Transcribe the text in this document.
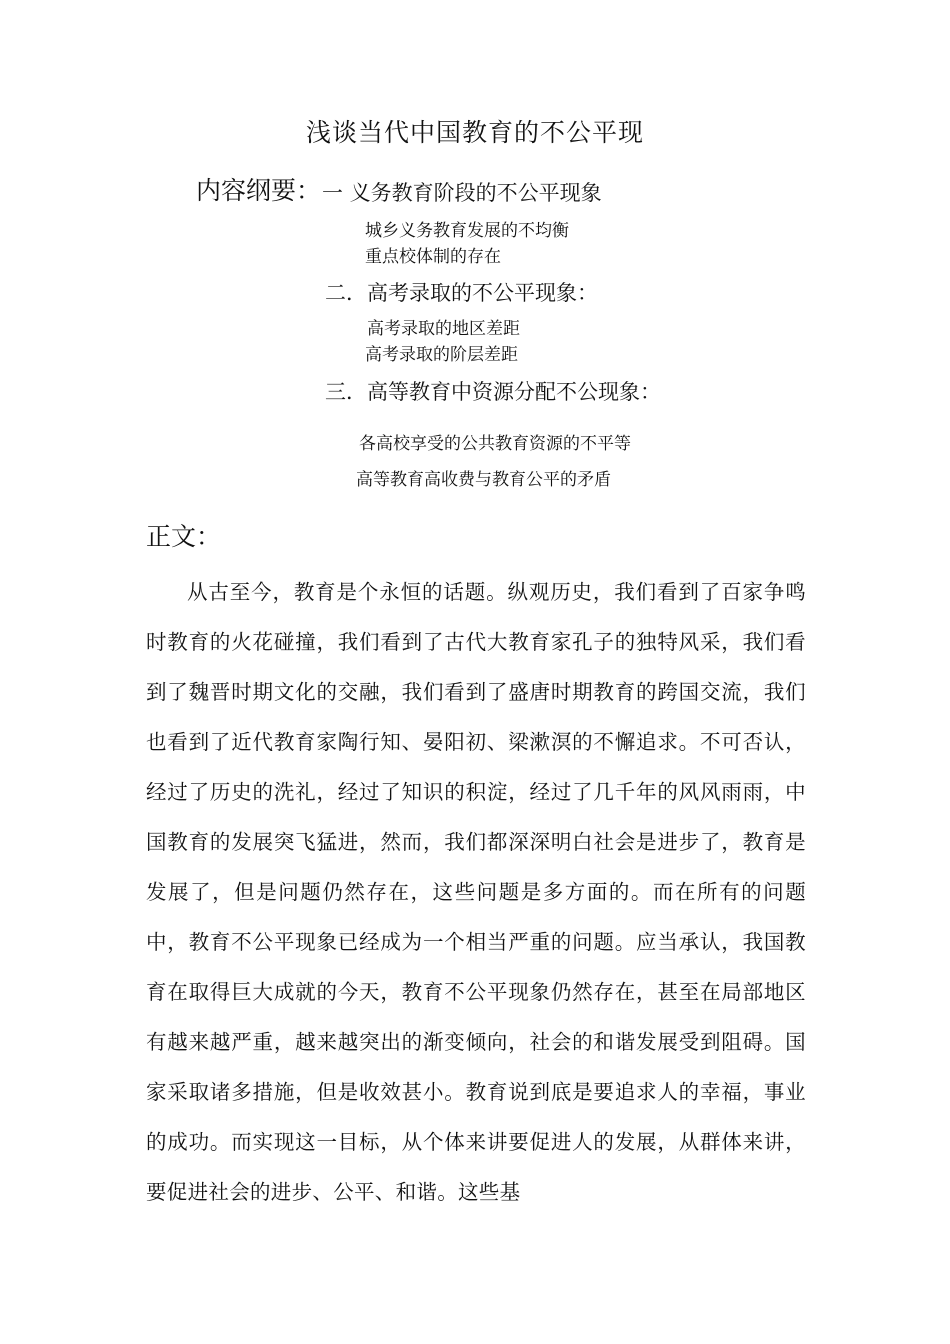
浅谈当代中国教育的不公平现
内容纲要： 一 义务教育阶段的不公平现象
城乡义务教育发展的不均衡
重点校体制的存在
二．高考录取的不公平现象：
高考录取的地区差距
高考录取的阶层差距
三．高等教育中资源分配不公现象：
各高校享受的公共教育资源的不平等
高等教育高收费与教育公平的矛盾
正文：

从古至今，教育是个永恒的话题。纵观历史，我们看到了百家争鸣时教育的火花碰撞，我们看到了古代大教育家孔子的独特风采，我们看到了魏晋时期文化的交融，我们看到了盛唐时期教育的跨国交流，我们也看到了近代教育家陶行知、晏阳初、梁漱溟的不懈追求。不可否认，经过了历史的洗礼，经过了知识的积淀，经过了几千年的风风雨雨，中国教育的发展突飞猛进，然而，我们都深深明白社会是进步了，教育是发展了，但是问题仍然存在，这些问题是多方面的。而在所有的问题中，教育不公平现象已经成为一个相当严重的问题。应当承认，我国教育在取得巨大成就的今天，教育不公平现象仍然存在，甚至在局部地区有越来越严重，越来越突出的渐变倾向，社会的和谐发展受到阻碍。国家采取诸多措施，但是收效甚小。教育说到底是要追求人的幸福，事业的成功。而实现这一目标，从个体来讲要促进人的发展，从群体来讲，要促进社会的进步、公平、和谐。这些基
